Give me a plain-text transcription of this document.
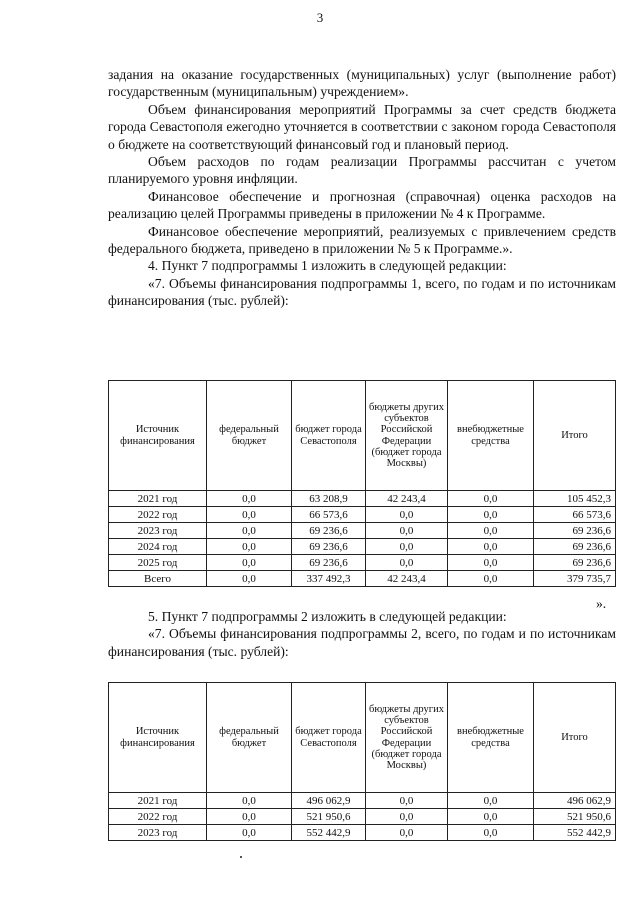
3

задания на оказание государственных (муниципальных) услуг (выполнение работ) государственным (муниципальным) учреждением».

Объем финансирования мероприятий Программы за счет средств бюджета города Севастополя ежегодно уточняется в соответствии с законом города Севастополя о бюджете на соответствующий финансовый год и плановый период.

Объем расходов по годам реализации Программы рассчитан с учетом планируемого уровня инфляции.

Финансовое обеспечение и прогнозная (справочная) оценка расходов на реализацию целей Программы приведены в приложении № 4 к Программе.

Финансовое обеспечение мероприятий, реализуемых с привлечением средств федерального бюджета, приведено в приложении № 5 к Программе.».

4. Пункт 7 подпрограммы 1 изложить в следующей редакции:

«7. Объемы финансирования подпрограммы 1, всего, по годам и по источникам финансирования (тыс. рублей):

Источник финансирования	федеральный бюджет	бюджет города Севастополя	бюджеты других субъектов Российской Федерации (бюджет города Москвы)	внебюджетные средства	Итого
2021 год	0,0	63 208,9	42 243,4	0,0	105 452,3
2022 год	0,0	66 573,6	0,0	0,0	66 573,6
2023 год	0,0	69 236,6	0,0	0,0	69 236,6
2024 год	0,0	69 236,6	0,0	0,0	69 236,6
2025 год	0,0	69 236,6	0,0	0,0	69 236,6
Всего	0,0	337 492,3	42 243,4	0,0	379 735,7
».

5. Пункт 7 подпрограммы 2 изложить в следующей редакции:

«7. Объемы финансирования подпрограммы 2, всего, по годам и по источникам финансирования (тыс. рублей):

Источник финансирования	федеральный бюджет	бюджет города Севастополя	бюджеты других субъектов Российской Федерации (бюджет города Москвы)	внебюджетные средства	Итого
2021 год	0,0	496 062,9	0,0	0,0	496 062,9
2022 год	0,0	521 950,6	0,0	0,0	521 950,6
2023 год	0,0	552 442,9	0,0	0,0	552 442,9
